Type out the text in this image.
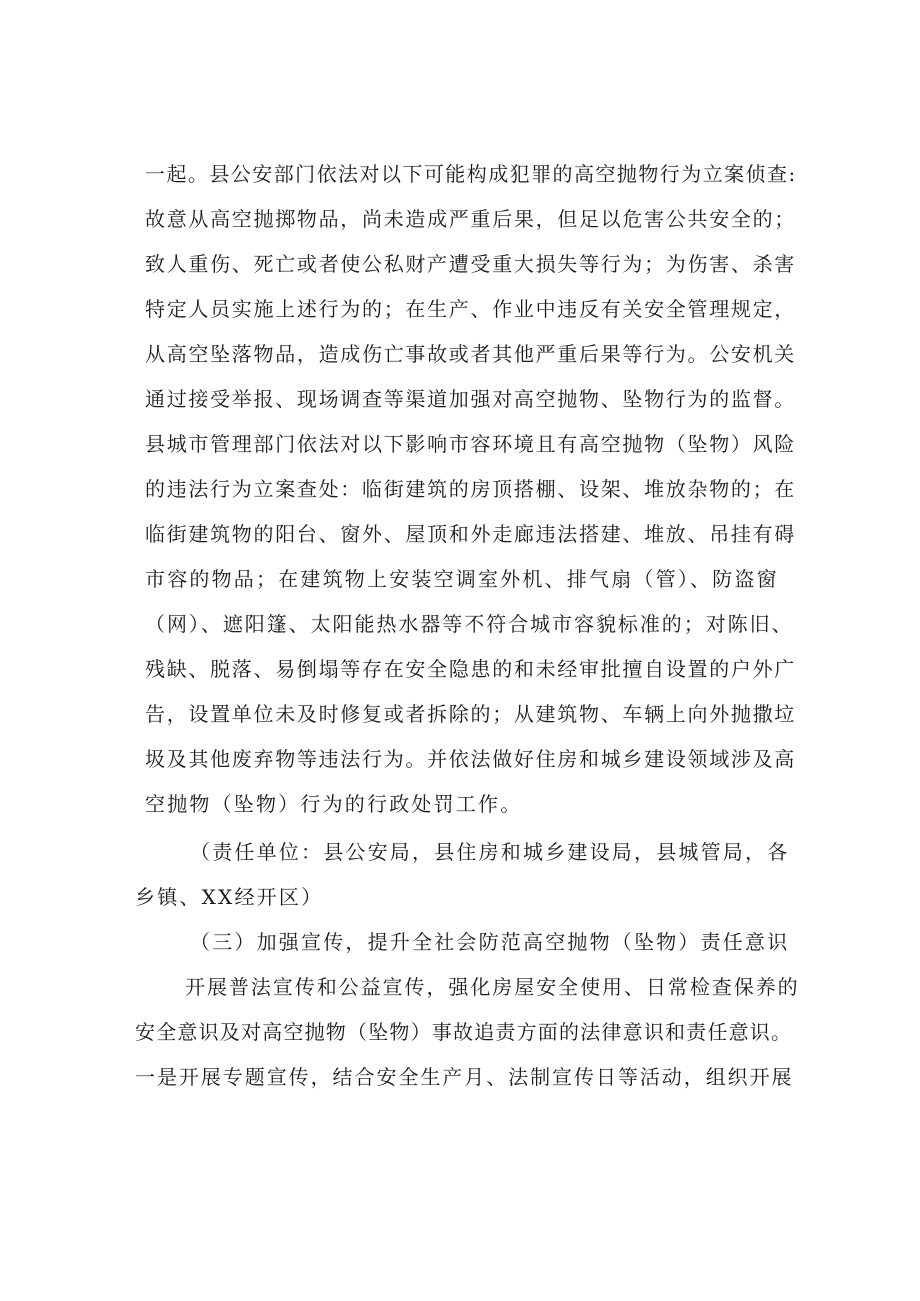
一起。县公安部门依法对以下可能构成犯罪的高空抛物行为立案侦查:
故意从高空抛掷物品，尚未造成严重后果，但足以危害公共安全的；
致人重伤、死亡或者使公私财产遭受重大损失等行为；为伤害、杀害
特定人员实施上述行为的；在生产、作业中违反有关安全管理规定，
从高空坠落物品，造成伤亡事故或者其他严重后果等行为。公安机关
通过接受举报、现场调查等渠道加强对高空抛物、坠物行为的监督。
县城市管理部门依法对以下影响市容环境且有高空抛物（坠物）风险
的违法行为立案查处：临街建筑的房顶搭棚、设架、堆放杂物的；在
临街建筑物的阳台、窗外、屋顶和外走廊违法搭建、堆放、吊挂有碍
市容的物品；在建筑物上安装空调室外机、排气扇（管）、防盗窗
（网）、遮阳篷、太阳能热水器等不符合城市容貌标准的；对陈旧、
残缺、脱落、易倒塌等存在安全隐患的和未经审批擅自设置的户外广
告，设置单位未及时修复或者拆除的；从建筑物、车辆上向外抛撒垃
圾及其他废弃物等违法行为。并依法做好住房和城乡建设领域涉及高
空抛物（坠物）行为的行政处罚工作。
（责任单位：县公安局，县住房和城乡建设局，县城管局，各
乡镇、XX经开区）
（三）加强宣传，提升全社会防范高空抛物（坠物）责任意识
开展普法宣传和公益宣传，强化房屋安全使用、日常检查保养的
安全意识及对高空抛物（坠物）事故追责方面的法律意识和责任意识。
一是开展专题宣传，结合安全生产月、法制宣传日等活动，组织开展
